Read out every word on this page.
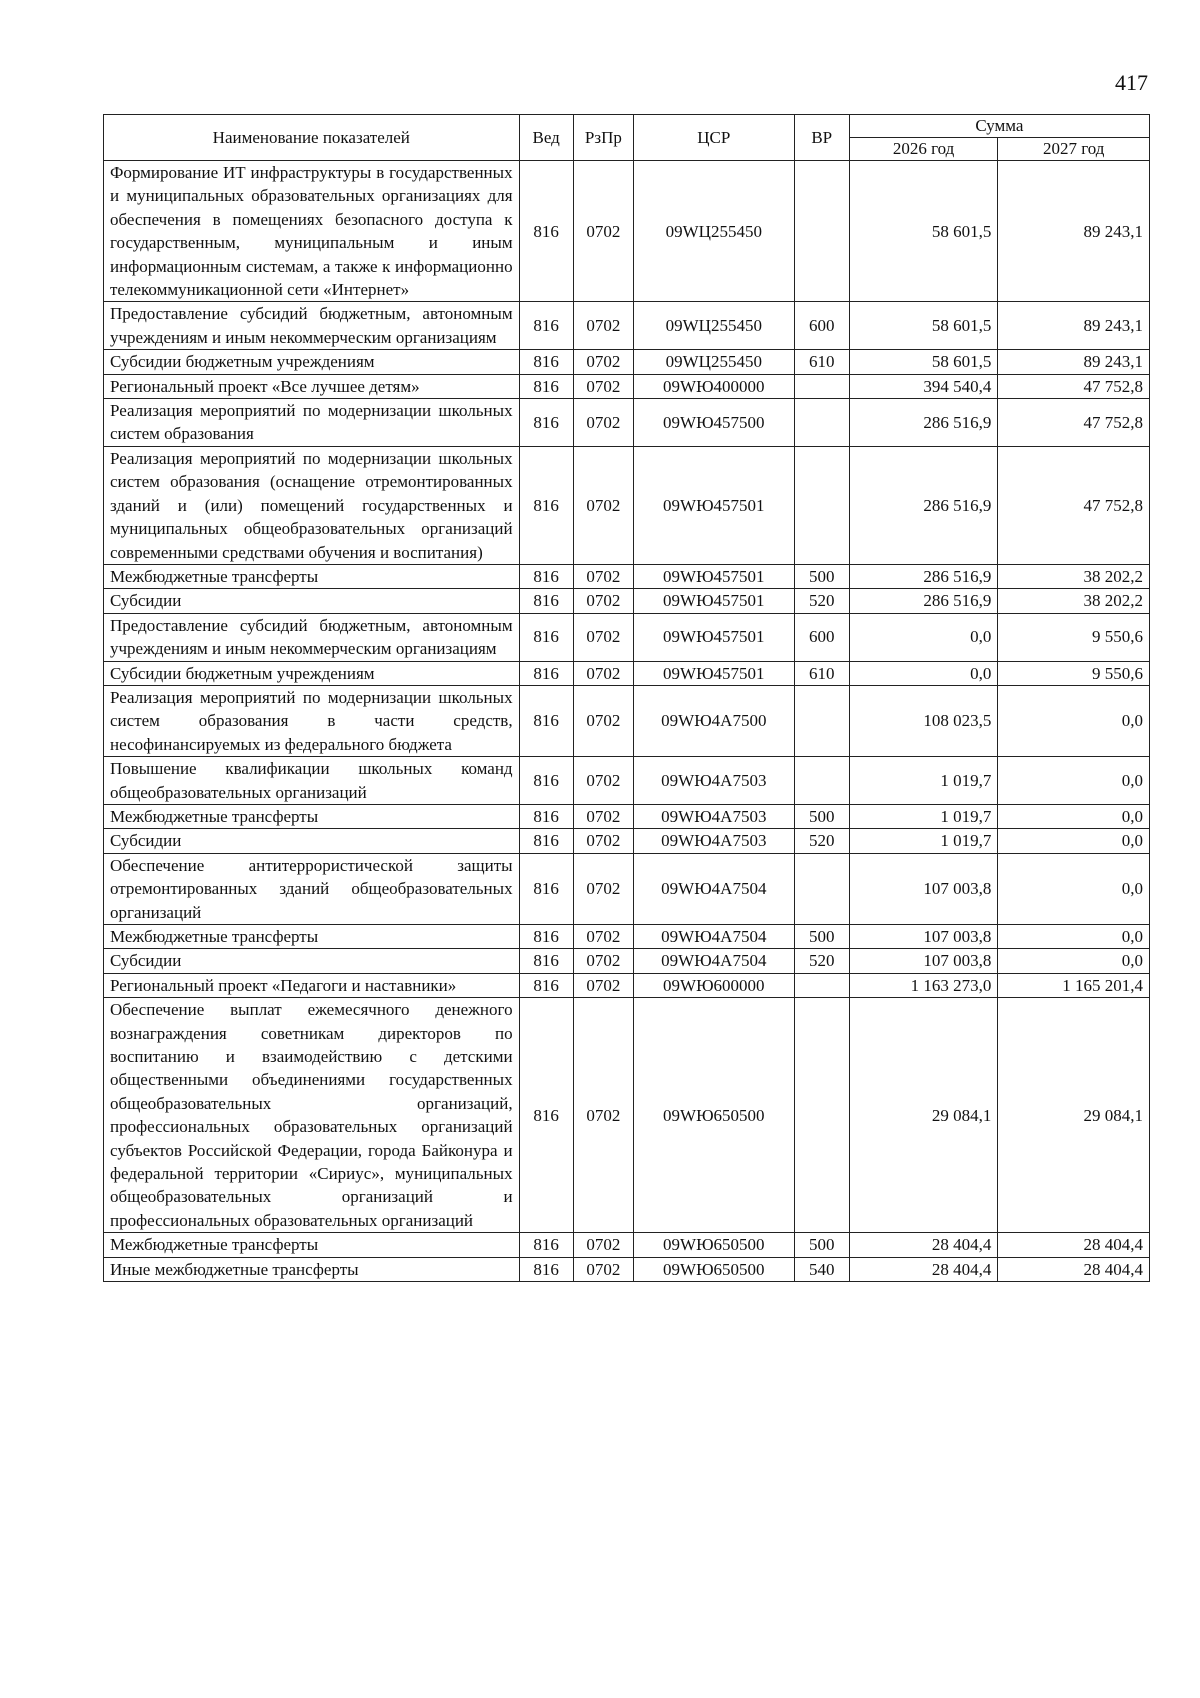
417
Наименование показателей	Вед	РзПр	ЦСР	ВР	Сумма	
					2026 год	2027 год
Формирование ИТ инфраструктуры в государственных и муниципальных образовательных организациях для обеспечения в помещениях безопасного доступа к государственным, муниципальным и иным информационным системам, а также к информационно телекоммуникационной сети «Интернет»	816	0702	09WЦ255450		58 601,5	89 243,1
Предоставление субсидий бюджетным, автономным учреждениям и иным некоммерческим организациям	816	0702	09WЦ255450	600	58 601,5	89 243,1
Субсидии бюджетным учреждениям	816	0702	09WЦ255450	610	58 601,5	89 243,1
Региональный проект «Все лучшее детям»	816	0702	09WЮ400000		394 540,4	47 752,8
Реализация мероприятий по модернизации школьных систем образования	816	0702	09WЮ457500		286 516,9	47 752,8
Реализация мероприятий по модернизации школьных систем образования (оснащение отремонтированных зданий и (или) помещений государственных и муниципальных общеобразовательных организаций современными средствами обучения и воспитания)	816	0702	09WЮ457501		286 516,9	47 752,8
Межбюджетные трансферты	816	0702	09WЮ457501	500	286 516,9	38 202,2
Субсидии	816	0702	09WЮ457501	520	286 516,9	38 202,2
Предоставление субсидий бюджетным, автономным учреждениям и иным некоммерческим организациям	816	0702	09WЮ457501	600	0,0	9 550,6
Субсидии бюджетным учреждениям	816	0702	09WЮ457501	610	0,0	9 550,6
Реализация мероприятий по модернизации школьных систем образования в части средств, несофинансируемых из федерального бюджета	816	0702	09WЮ4A7500		108 023,5	0,0
Повышение квалификации школьных команд общеобразовательных организаций	816	0702	09WЮ4A7503		1 019,7	0,0
Межбюджетные трансферты	816	0702	09WЮ4A7503	500	1 019,7	0,0
Субсидии	816	0702	09WЮ4A7503	520	1 019,7	0,0
Обеспечение антитеррористической защиты отремонтированных зданий общеобразовательных организаций	816	0702	09WЮ4A7504		107 003,8	0,0
Межбюджетные трансферты	816	0702	09WЮ4A7504	500	107 003,8	0,0
Субсидии	816	0702	09WЮ4A7504	520	107 003,8	0,0
Региональный проект «Педагоги и наставники»	816	0702	09WЮ600000		1 163 273,0	1 165 201,4
Обеспечение выплат ежемесячного денежного вознаграждения советникам директоров по воспитанию и взаимодействию с детскими общественными объединениями государственных общеобразовательных организаций, профессиональных образовательных организаций субъектов Российской Федерации, города Байконура и федеральной территории «Сириус», муниципальных общеобразовательных организаций и профессиональных образовательных организаций	816	0702	09WЮ650500		29 084,1	29 084,1
Межбюджетные трансферты	816	0702	09WЮ650500	500	28 404,4	28 404,4
Иные межбюджетные трансферты	816	0702	09WЮ650500	540	28 404,4	28 404,4
